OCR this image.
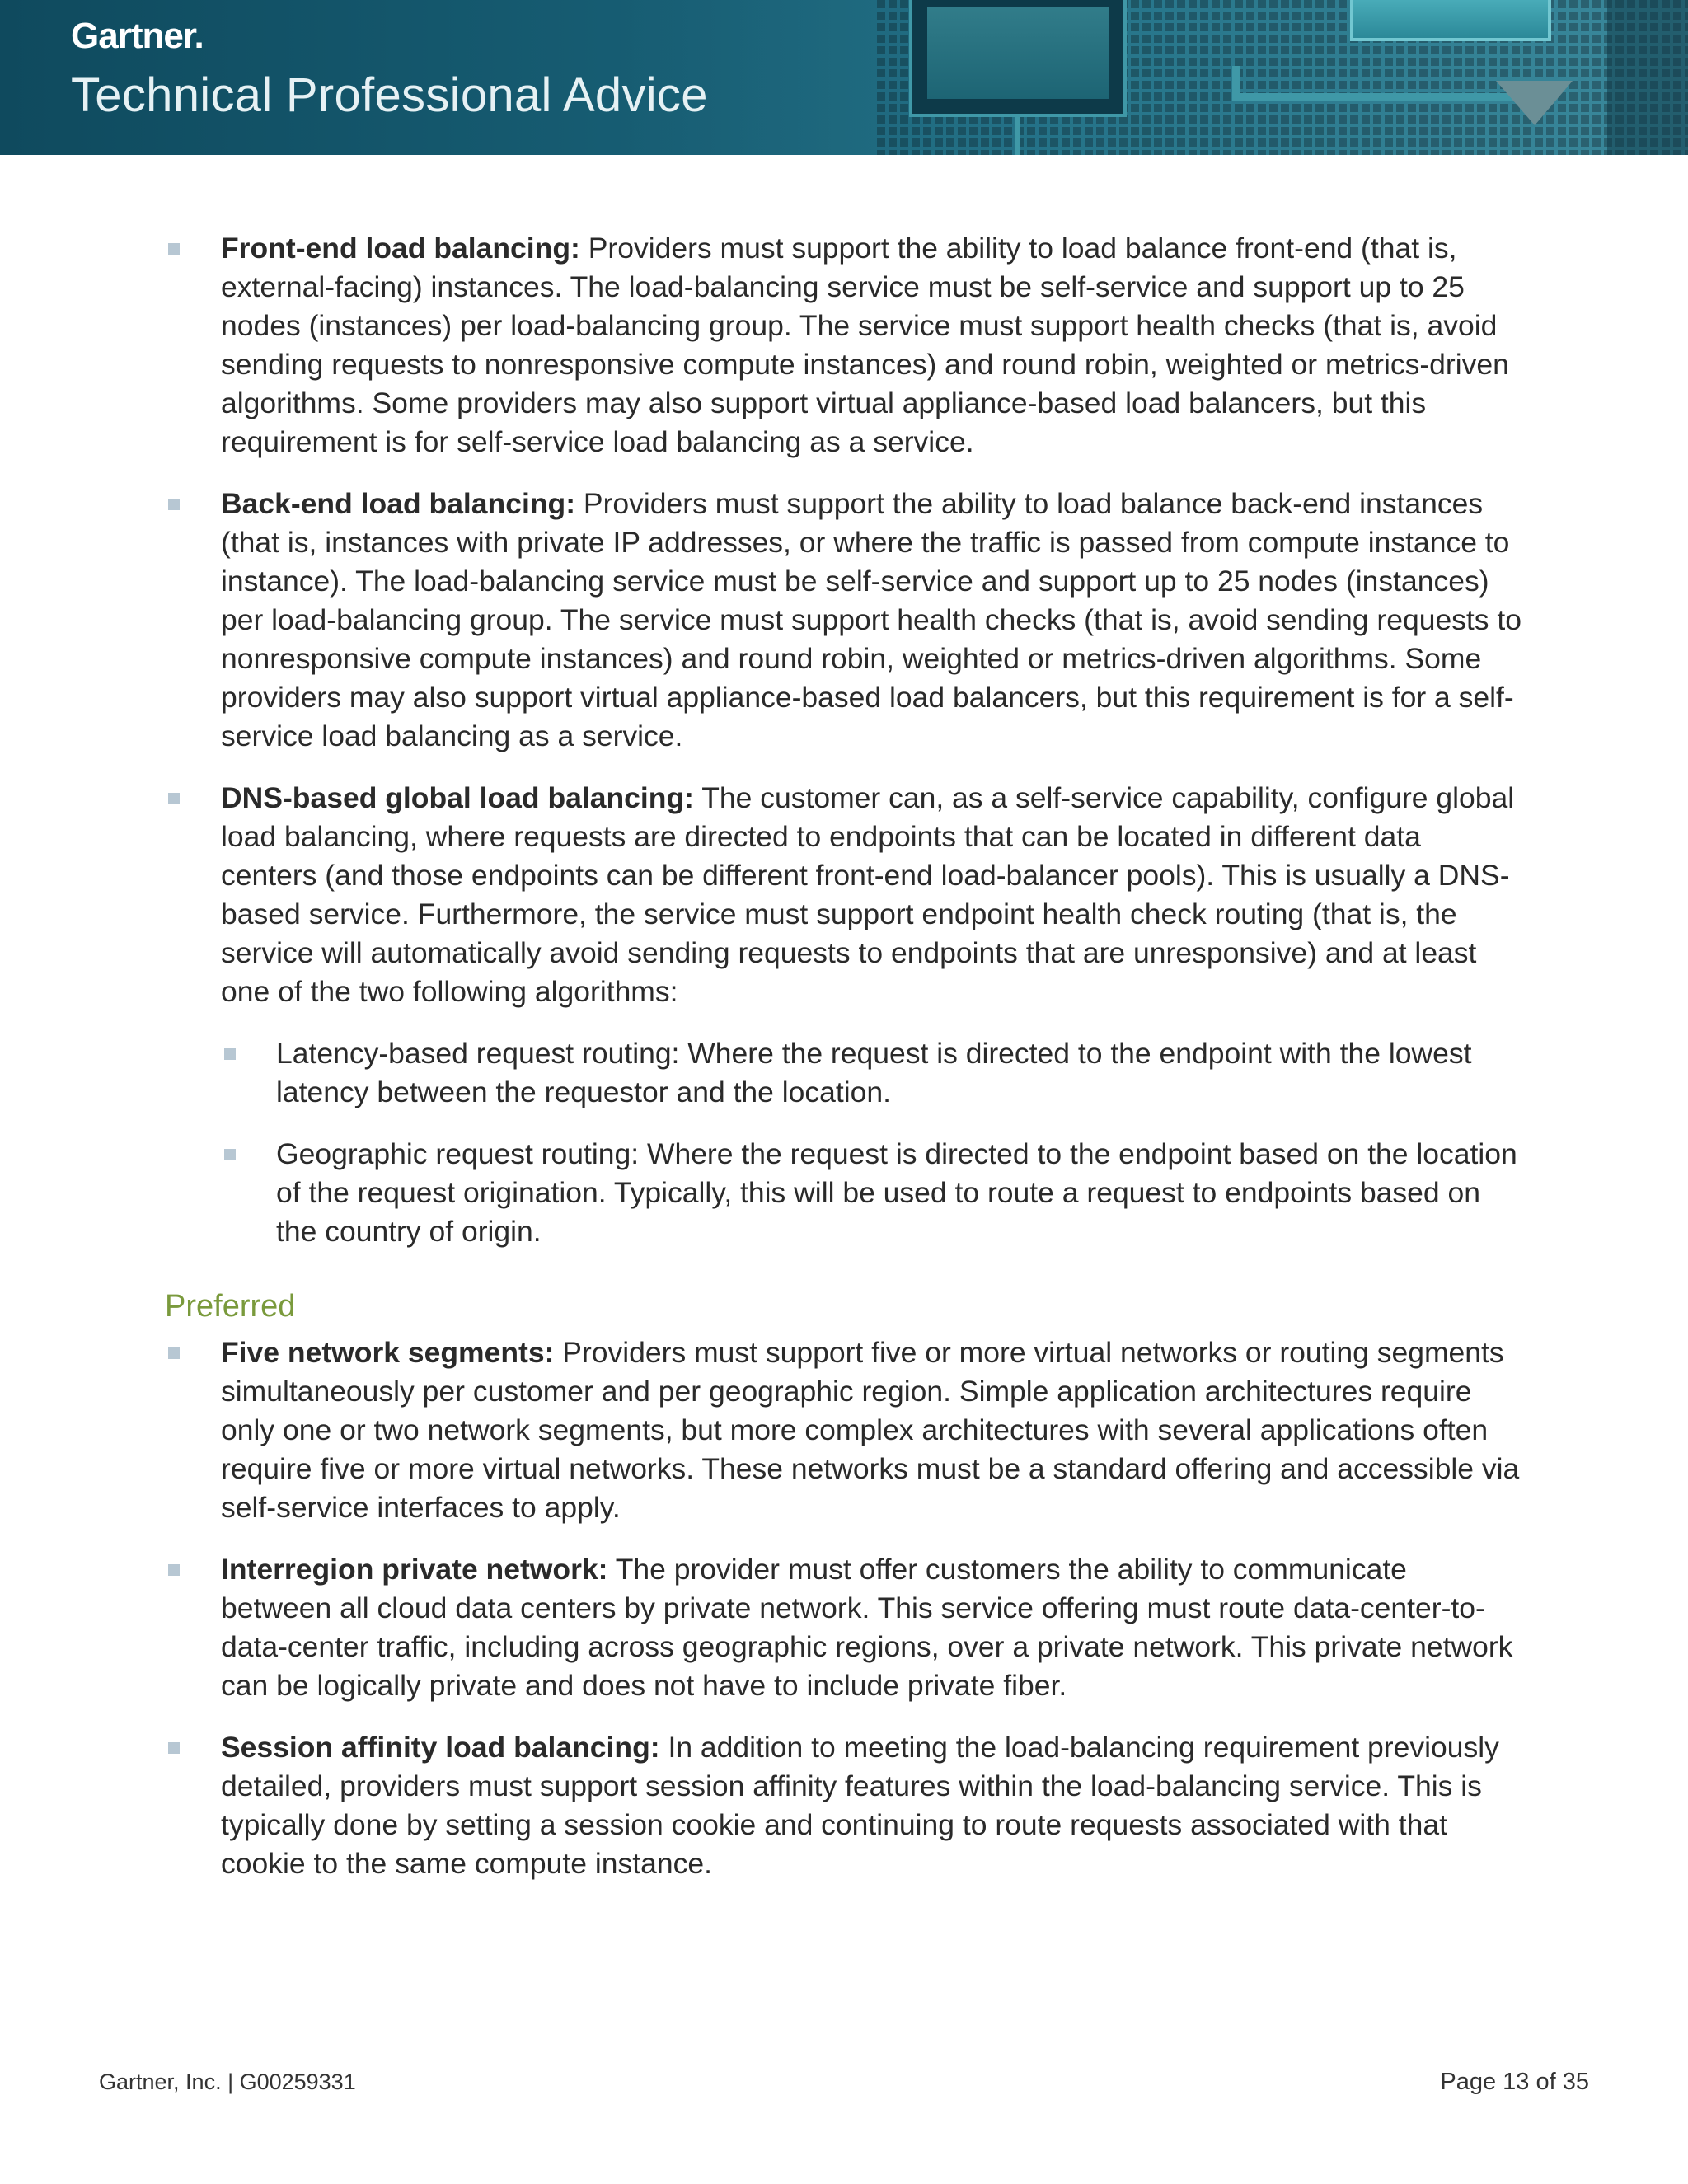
Gartner.
Technical Professional Advice
Front-end load balancing: Providers must support the ability to load balance front-end (that is, external-facing) instances. The load-balancing service must be self-service and support up to 25 nodes (instances) per load-balancing group. The service must support health checks (that is, avoid sending requests to nonresponsive compute instances) and round robin, weighted or metrics-driven algorithms. Some providers may also support virtual appliance-based load balancers, but this requirement is for self-service load balancing as a service.
Back-end load balancing: Providers must support the ability to load balance back-end instances (that is, instances with private IP addresses, or where the traffic is passed from compute instance to instance). The load-balancing service must be self-service and support up to 25 nodes (instances) per load-balancing group. The service must support health checks (that is, avoid sending requests to nonresponsive compute instances) and round robin, weighted or metrics-driven algorithms. Some providers may also support virtual appliance-based load balancers, but this requirement is for a self-service load balancing as a service.
DNS-based global load balancing: The customer can, as a self-service capability, configure global load balancing, where requests are directed to endpoints that can be located in different data centers (and those endpoints can be different front-end load-balancer pools). This is usually a DNS-based service. Furthermore, the service must support endpoint health check routing (that is, the service will automatically avoid sending requests to endpoints that are unresponsive) and at least one of the two following algorithms:
Latency-based request routing: Where the request is directed to the endpoint with the lowest latency between the requestor and the location.
Geographic request routing: Where the request is directed to the endpoint based on the location of the request origination. Typically, this will be used to route a request to endpoints based on the country of origin.
Preferred
Five network segments: Providers must support five or more virtual networks or routing segments simultaneously per customer and per geographic region. Simple application architectures require only one or two network segments, but more complex architectures with several applications often require five or more virtual networks. These networks must be a standard offering and accessible via self-service interfaces to apply.
Interregion private network: The provider must offer customers the ability to communicate between all cloud data centers by private network. This service offering must route data-center-to-data-center traffic, including across geographic regions, over a private network. This private network can be logically private and does not have to include private fiber.
Session affinity load balancing: In addition to meeting the load-balancing requirement previously detailed, providers must support session affinity features within the load-balancing service. This is typically done by setting a session cookie and continuing to route requests associated with that cookie to the same compute instance.
Gartner, Inc. | G00259331	Page 13 of 35
